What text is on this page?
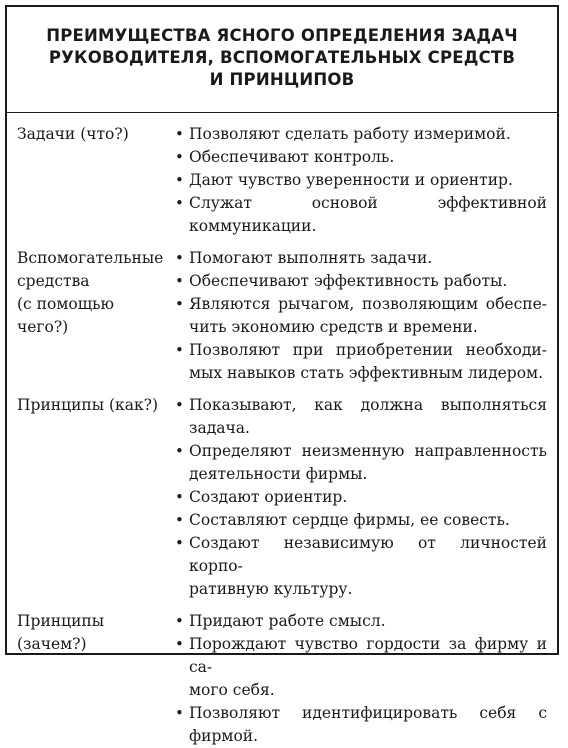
ПРЕИМУЩЕСТВА ЯСНОГО ОПРЕДЕЛЕНИЯ ЗАДАЧ
РУКОВОДИТЕЛЯ, ВСПОМОГАТЕЛЬНЫХ СРЕДСТВ
И ПРИНЦИПОВ
Задачи (что?)	• Позволяют сделать работу измеримой.
• Обеспечивают контроль.
• Дают чувство уверенности и ориентир.
• Служат основой эффективной коммуникации.
Вспомогательные
средства
(с помощью
чего?)
• Помогают выполнять задачи.
• Обеспечивают эффективность работы.
• Являются рычагом, позволяющим обеспе-
чить экономию средств и времени.
• Позволяют при приобретении необходи-
мых навыков стать эффективным лидером.
Принципы (как?)	• Показывают, как должна выполняться задача.
• Определяют неизменную направленность
деятельности фирмы.
• Создают ориентир.
• Составляют сердце фирмы, ее совесть.
• Создают независимую от личностей корпо-
ративную культуру.
Принципы
(зачем?)
• Придают работе смысл.
• Порождают чувство гордости за фирму и са-
мого себя.
• Позволяют идентифицировать себя с фирмой.
